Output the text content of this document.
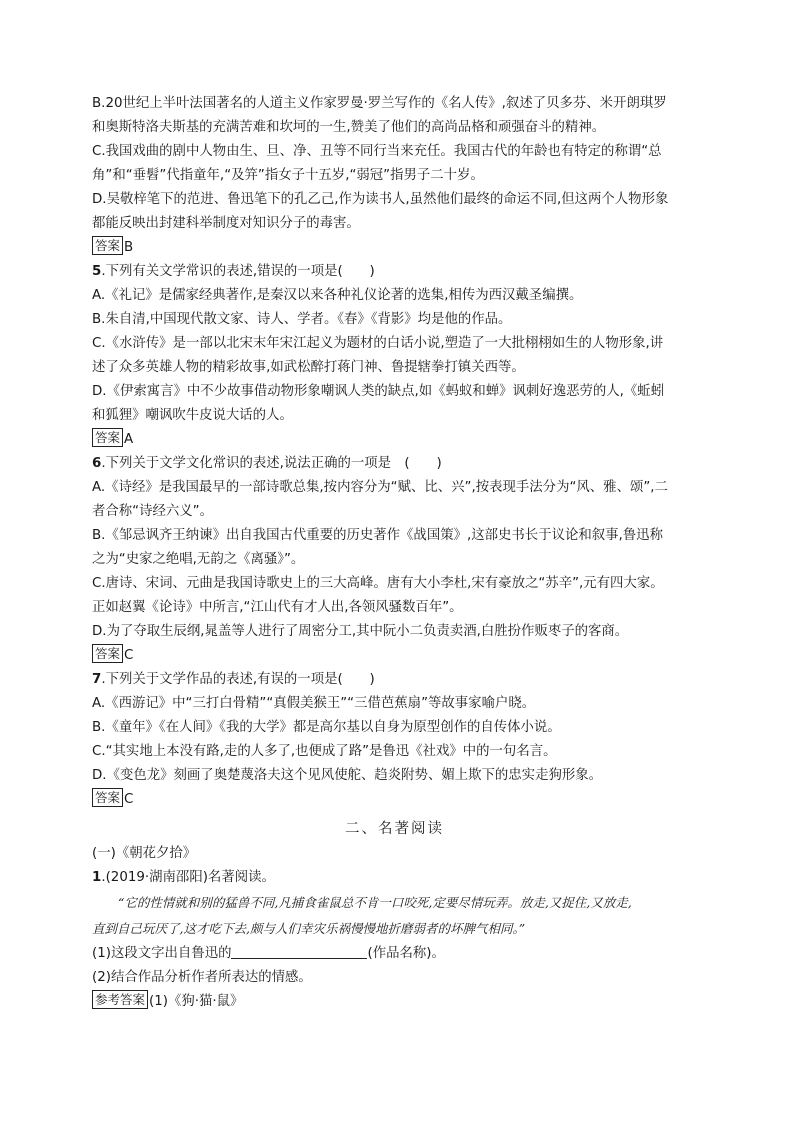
B.20世纪上半叶法国著名的人道主义作家罗曼·罗兰写作的《名人传》,叙述了贝多芬、米开朗琪罗
和奥斯特洛夫斯基的充满苦难和坎坷的一生,赞美了他们的高尚品格和顽强奋斗的精神。
C.我国戏曲的剧中人物由生、旦、净、丑等不同行当来充任。我国古代的年龄也有特定的称谓“总
角”和“垂髫”代指童年,“及笄”指女子十五岁,“弱冠”指男子二十岁。
D.吴敬梓笔下的范进、鲁迅笔下的孔乙己,作为读书人,虽然他们最终的命运不同,但这两个人物形象
都能反映出封建科举制度对知识分子的毒害。
答案 B
5.下列有关文学常识的表述,错误的一项是(　　)
A.《礼记》是儒家经典著作,是秦汉以来各种礼仪论著的选集,相传为西汉戴圣编撰。
B.朱自清,中国现代散文家、诗人、学者。《春》《背影》均是他的作品。
C.《水浒传》是一部以北宋末年宋江起义为题材的白话小说,塑造了一大批栩栩如生的人物形象,讲
述了众多英雄人物的精彩故事,如武松醉打蒋门神、鲁提辖拳打镇关西等。
D.《伊索寓言》中不少故事借动物形象嘲讽人类的缺点,如《蚂蚁和蝉》讽刺好逸恶劳的人,《蚯蚓
和狐狸》嘲讽吹牛皮说大话的人。
答案 A
6.下列关于文学文化常识的表述,说法正确的一项是　(　　)
A.《诗经》是我国最早的一部诗歌总集,按内容分为“赋、比、兴”,按表现手法分为“风、雅、颂”,二
者合称“诗经六义”。
B.《邹忌讽齐王纳谏》出自我国古代重要的历史著作《战国策》,这部史书长于议论和叙事,鲁迅称
之为“史家之绝唱,无韵之《离骚》”。
C.唐诗、宋词、元曲是我国诗歌史上的三大高峰。唐有大小李杜,宋有豪放之“苏辛”,元有四大家。
正如赵翼《论诗》中所言,“江山代有才人出,各领风骚数百年”。
D.为了夺取生辰纲,晁盖等人进行了周密分工,其中阮小二负责卖酒,白胜扮作贩枣子的客商。
答案 C
7.下列关于文学作品的表述,有误的一项是(　　)
A.《西游记》中“三打白骨精”“真假美猴王”“三借芭蕉扇”等故事家喻户晓。
B.《童年》《在人间》《我的大学》都是高尔基以自身为原型创作的自传体小说。
C.“其实地上本没有路,走的人多了,也便成了路”是鲁迅《社戏》中的一句名言。
D.《变色龙》刻画了奥楚蔑洛夫这个见风使舵、趋炎附势、媚上欺下的忠实走狗形象。
答案 C
二、名著阅读
(一)《朝花夕拾》
1.(2019·湖南邵阳)名著阅读。
“它的性情就和别的猛兽不同,凡捕食雀鼠总不肯一口咬死,定要尽情玩弄。放走,又捉住,又放走,
直到自己玩厌了,这才吃下去,颇与人们幸灾乐祸慢慢地折磨弱者的坏脾气相同。”
(1)这段文字出自鲁迅的	(作品名称)。
(2)结合作品分析作者所表达的情感。
参考答案 (1)《狗·猫·鼠》
